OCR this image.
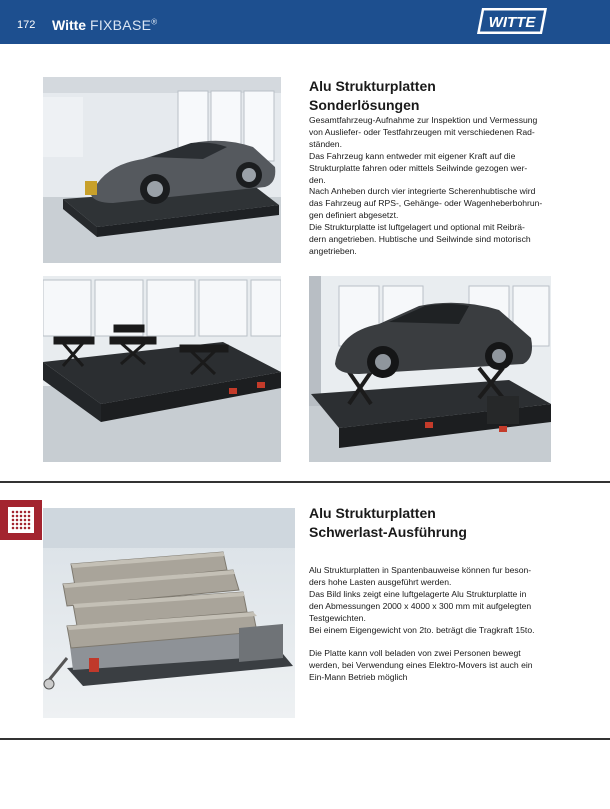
172 Witte FIXBASE®	WITTE
Alu Strukturplatten
Sonderlösungen

Gesamtfahrzeug-Aufnahme zur Inspektion und Vermessung

von Ausliefer- oder Testfahrzeugen mit verschiedenen Rad-

ständen.

Das Fahrzeug kann entweder mit eigener Kraft auf die

Strukturplatte fahren oder mittels Seilwinde gezogen wer-

den.

Nach Anheben durch vier integrierte Scherenhubtische wird

das Fahrzeug auf RPS-, Gehänge- oder Wagenheberbohrun-

gen definiert abgesetzt.

Die Strukturplatte ist luftgelagert und optional mit Reibrä-

dern angetrieben. Hubtische und Seilwinde sind motorisch

angetrieben.

Alu Strukturplatten
Schwerlast-Ausführung

Alu Strukturplatten in Spantenbauweise können fur beson-

ders hohe Lasten ausgeführt werden.

Das Bild links zeigt eine luftgelagerte Alu Strukturplatte in

den Abmessungen 2000 x 4000 x 300 mm mit aufgelegten

Testgewichten.

Bei einem Eigengewicht von 2to. beträgt die Tragkraft 15to.

Die Platte kann voll beladen von zwei Personen bewegt

werden, bei Verwendung eines Elektro-Movers ist auch ein

Ein-Mann Betrieb möglich
